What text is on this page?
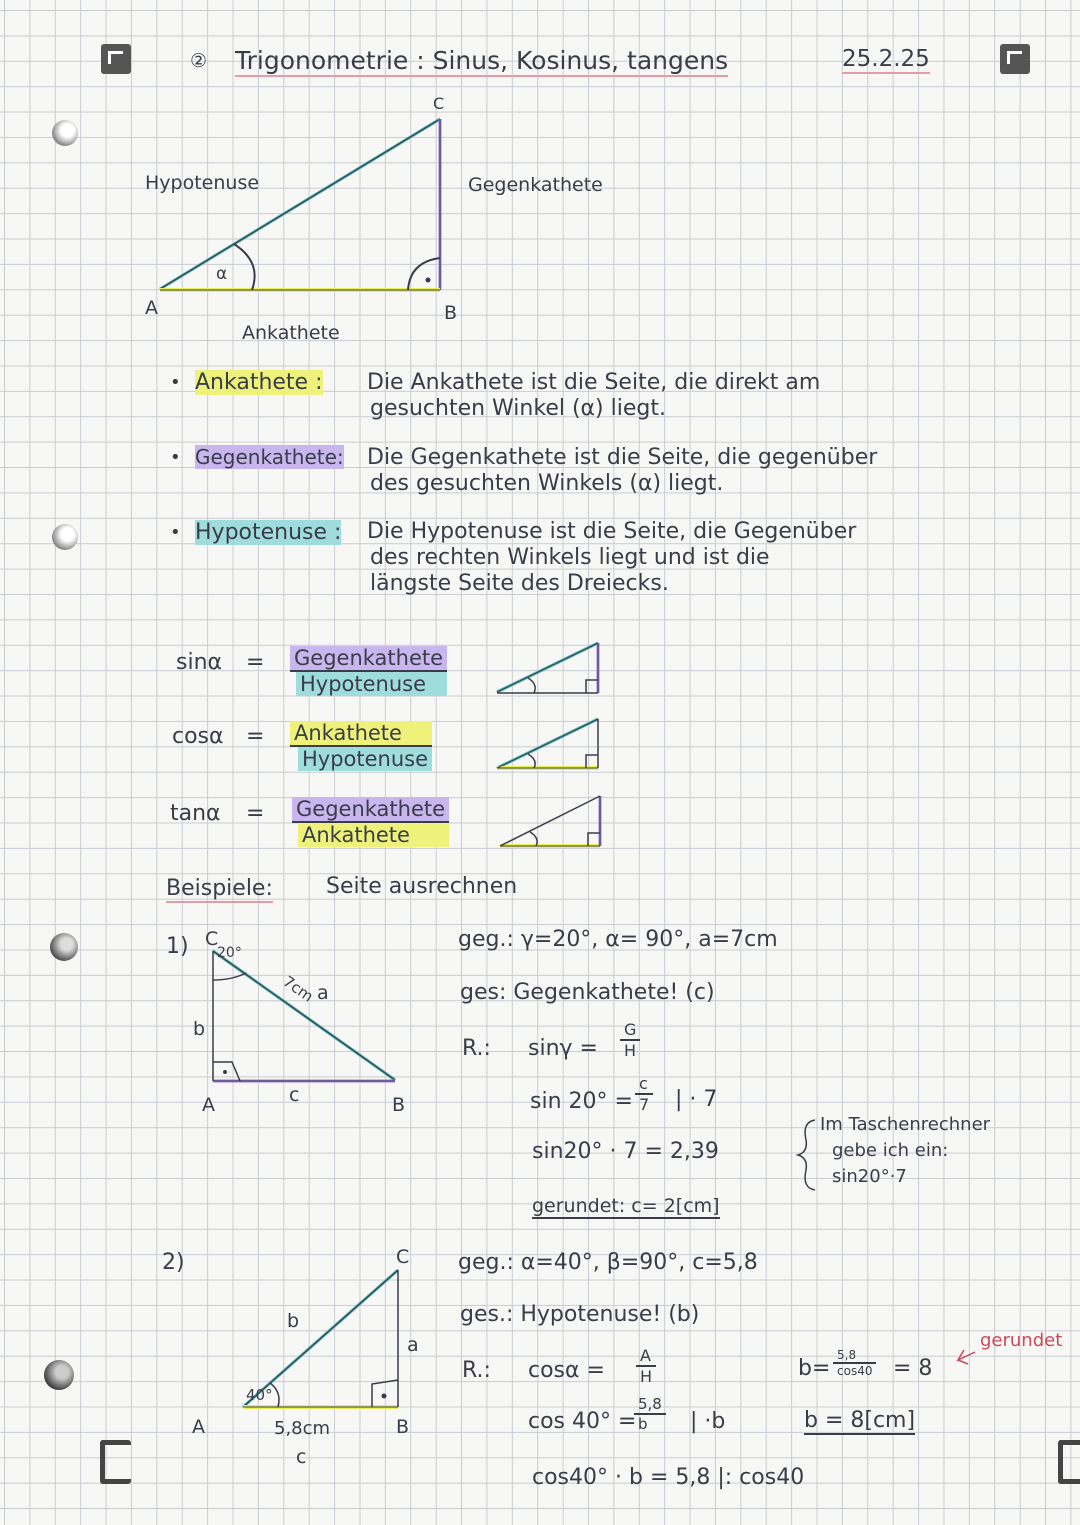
② Trigonometrie : Sinus, Kosinus, tangens	25.2.25
Hypotenuse	Gegenkathete
Ankathete
A	B
C
α
• Ankathete : Die Ankathete ist die Seite, die direkt am
gesuchten Winkel (α) liegt.
• Gegenkathete: Die Gegenkathete ist die Seite, die gegenüber
des gesuchten Winkels (α) liegt.
• Hypotenuse : Die Hypotenuse ist die Seite, die Gegenüber
des rechten Winkels liegt und ist die
längste Seite des Dreiecks.
sinα = Gegenkathete
Hypotenuse
cosα = Ankathete
Hypotenuse
tanα = Gegenkathete
Ankathete
Beispiele: Seite ausrechnen
1) C
A	B
20°
7cm a
b
c
geg.: γ=20°, α= 90°, a=7cm
ges: Gegenkathete! (c)
R.: $\sin\gamma = \frac{G}{H}$
$\sin 20^\circ = \frac{c}{7}$ | · 7
sin20° · 7 = 2,39
gerundet: c= 2[cm]
Im Taschenrechner
gebe ich ein:
sin20°·7
2)	C
A	B
40°
b
a
5,8cm
c
geg.: α=40°, β=90°, c=5,8
ges.: Hypotenuse! (b)
R.: $\cos\alpha = \frac{A}{H}$
cos 40° =
$\frac{5,8}{b}$ | ·b
cos40° · b = 5,8 |: cos40
$b= \frac{5,8}{\cos 40} = 8$
gerundet
b = 8[cm]
